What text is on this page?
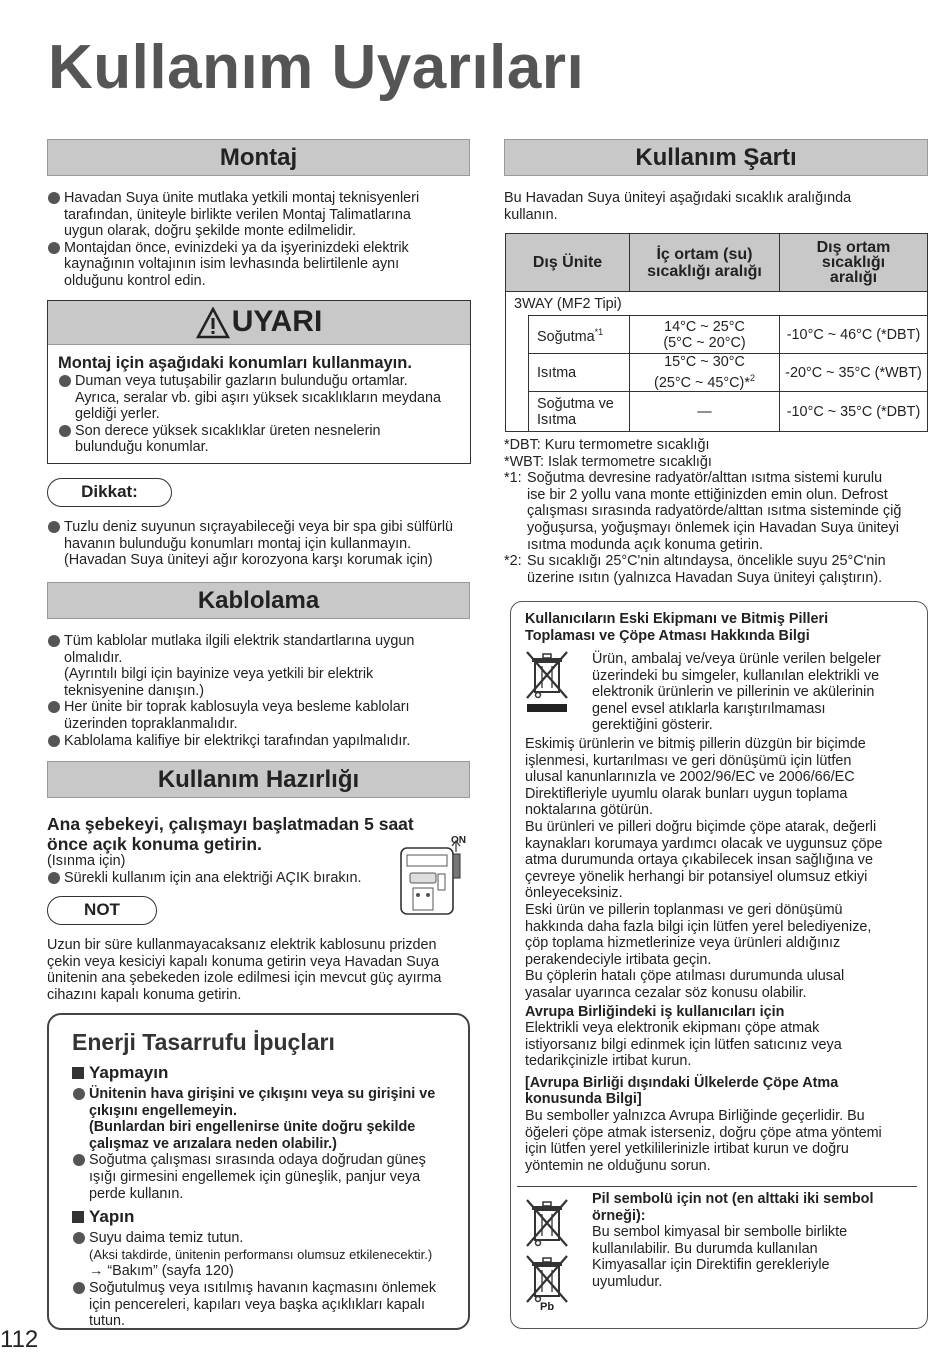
Kullanım Uyarıları
Montaj
Havadan Suya ünite mutlaka yetkili montaj teknisyenleri
tarafından, üniteyle birlikte verilen Montaj Talimatlarına
uygun olarak, doğru şekilde monte edilmelidir.
Montajdan önce, evinizdeki ya da işyerinizdeki elektrik
kaynağının voltajının isim levhasında belirtilenle aynı
olduğunu kontrol edin.
UYARI
Montaj için aşağıdaki konumları kullanmayın.
Duman veya tutuşabilir gazların bulunduğu ortamlar.
Ayrıca, seralar vb. gibi aşırı yüksek sıcaklıkların meydana
geldiği yerler.
Son derece yüksek sıcaklıklar üreten nesnelerin
bulunduğu konumlar.
Dikkat:
Tuzlu deniz suyunun sıçrayabileceği veya bir spa gibi sülfürlü
havanın bulunduğu konumları montaj için kullanmayın.
(Havadan Suya üniteyi ağır korozyona karşı korumak için)
Kablolama
Tüm kablolar mutlaka ilgili elektrik standartlarına uygun
olmalıdır.
(Ayrıntılı bilgi için bayinize veya yetkili bir elektrik
teknisyenine danışın.)
Her ünite bir toprak kablosuyla veya besleme kabloları
üzerinden topraklanmalıdır.
Kablolama kalifiye bir elektrikçi tarafından yapılmalıdır.
Kullanım Hazırlığı
Ana şebekeyi, çalışmayı başlatmadan 5 saat
önce açık konuma getirin.
(Isınma için)
Sürekli kullanım için ana elektriği AÇIK bırakın.
ON
NOT
Uzun bir süre kullanmayacaksanız elektrik kablosunu prizden
çekin veya kesiciyi kapalı konuma getirin veya Havadan Suya
ünitenin ana şebekeden izole edilmesi için mevcut güç ayırma
cihazını kapalı konuma getirin.
Enerji Tasarrufu İpuçları
Yapmayın
Ünitenin hava girişini ve çıkışını veya su girişini ve
çıkışını engellemeyin.
(Bunlardan biri engellenirse ünite doğru şekilde
çalışmaz ve arızalara neden olabilir.)
Soğutma çalışması sırasında odaya doğrudan güneş
ışığı girmesini engellemek için güneşlik, panjur veya
perde kullanın.
Yapın
Suyu daima temiz tutun.
(Aksi takdirde, ünitenin performansı olumsuz etkilenecektir.)
→ “Bakım” (sayfa 120)
Soğutulmuş veya ısıtılmış havanın kaçmasını önlemek
için pencereleri, kapıları veya başka açıklıkları kapalı
tutun.
112
Kullanım Şartı
Bu Havadan Suya üniteyi aşağıdaki sıcaklık aralığında
kullanın.
Dış Ünite		İç ortam (su)
sıcaklığı aralığı	Dış ortam
sıcaklığı
aralığı

3WAY (MF2 Tipi)			
	Soğutma$^{*1}$	14°C ~ 25°C
(5°C ~ 20°C)	-10°C ~ 46°C (*DBT)
	Isıtma	15°C ~ 30°C
(25°C ~ 45°C)*$^2$	-20°C ~ 35°C (*WBT)
	Soğutma ve Isıtma	—	-10°C ~ 35°C (*DBT)
*DBT: Kuru termometre sıcaklığı
*WBT: Islak termometre sıcaklığı
*1: Soğutma devresine radyatör/alttan ısıtma sistemi kurulu
ise bir 2 yollu vana monte ettiğinizden emin olun. Defrost
çalışması sırasında radyatörde/alttan ısıtma sisteminde çiğ
yoğuşursa, yoğuşmayı önlemek için Havadan Suya üniteyi
ısıtma modunda açık konuma getirin.
*2: Su sıcaklığı 25°C'nin altındaysa, öncelikle suyu 25°C'nin
üzerine ısıtın (yalnızca Havadan Suya üniteyi çalıştırın).
Kullanıcıların Eski Ekipmanı ve Bitmiş Pilleri
Toplaması ve Çöpe Atması Hakkında Bilgi
Ürün, ambalaj ve/veya ürünle verilen belgeler
üzerindeki bu simgeler, kullanılan elektrikli ve
elektronik ürünlerin ve pillerinin ve akülerinin
genel evsel atıklarla karıştırılmaması
gerektiğini gösterir.
Eskimiş ürünlerin ve bitmiş pillerin düzgün bir biçimde
işlenmesi, kurtarılması ve geri dönüşümü için lütfen
ulusal kanunlarınızla ve 2002/96/EC ve 2006/66/EC
Direktifleriyle uyumlu olarak bunları uygun toplama
noktalarına götürün.
Bu ürünleri ve pilleri doğru biçimde çöpe atarak, değerli
kaynakları korumaya yardımcı olacak ve uygunsuz çöpe
atma durumunda ortaya çıkabilecek insan sağlığına ve
çevreye yönelik herhangi bir potansiyel olumsuz etkiyi
önleyeceksiniz.
Eski ürün ve pillerin toplanması ve geri dönüşümü
hakkında daha fazla bilgi için lütfen yerel belediyenize,
çöp toplama hizmetlerinize veya ürünleri aldığınız
perakendeciyle irtibata geçin.
Bu çöplerin hatalı çöpe atılması durumunda ulusal
yasalar uyarınca cezalar söz konusu olabilir.
Avrupa Birliğindeki iş kullanıcıları için
Elektrikli veya elektronik ekipmanı çöpe atmak
istiyorsanız bilgi edinmek için lütfen satıcınız veya
tedarikçinizle irtibat kurun.
[Avrupa Birliği dışındaki Ülkelerde Çöpe Atma
konusunda Bilgi]
Bu semboller yalnızca Avrupa Birliğinde geçerlidir. Bu
öğeleri çöpe atmak isterseniz, doğru çöpe atma yöntemi
için lütfen yerel yetkililerinizle irtibat kurun ve doğru
yöntemin ne olduğunu sorun.
Pb
Pil sembolü için not (en alttaki iki sembol
örneği):
Bu sembol kimyasal bir sembolle birlikte
kullanılabilir. Bu durumda kullanılan
Kimyasallar için Direktifin gerekleriyle
uyumludur.
